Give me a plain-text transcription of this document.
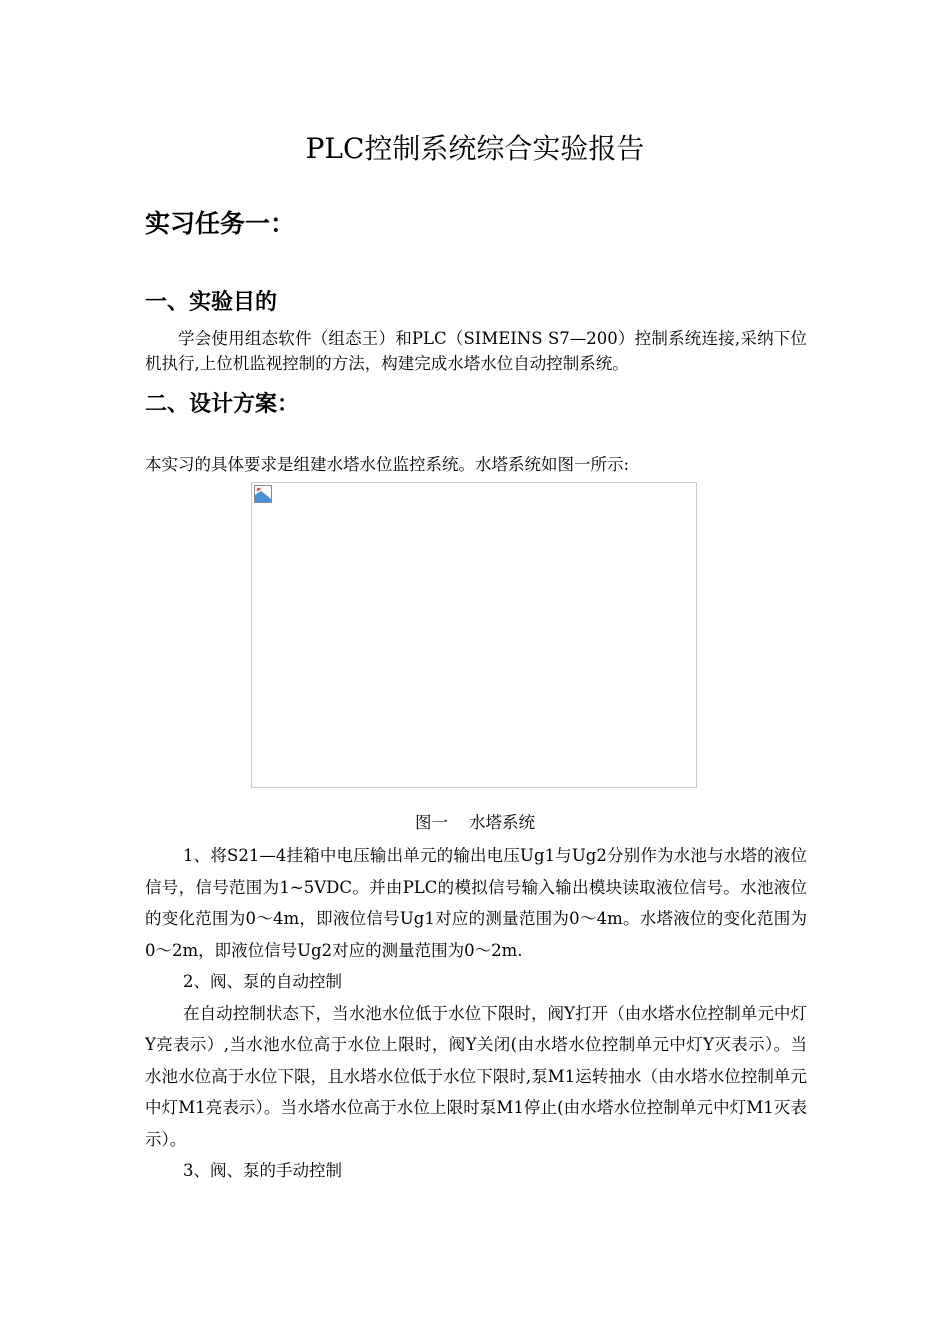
PLC控制系统综合实验报告
实习任务一：
一、实验目的
学会使用组态软件（组态王）和PLC（SIMEINS S7—200）控制系统连接,采纳下位机执行,上位机监视控制的方法，构建完成水塔水位自动控制系统。
二、设计方案：
本实习的具体要求是组建水塔水位监控系统。水塔系统如图一所示:
图一    水塔系统
1、将S21—4挂箱中电压输出单元的输出电压Ug1与Ug2分别作为水池与水塔的液位信号，信号范围为1~5VDC。并由PLC的模拟信号输入输出模块读取液位信号。水池液位的变化范围为0～4m，即液位信号Ug1对应的测量范围为0～4m。水塔液位的变化范围为0～2m，即液位信号Ug2对应的测量范围为0～2m.
2、阀、泵的自动控制
在自动控制状态下，当水池水位低于水位下限时，阀Y打开（由水塔水位控制单元中灯Y亮表示）,当水池水位高于水位上限时，阀Y关闭(由水塔水位控制单元中灯Y灭表示）。当水池水位高于水位下限，且水塔水位低于水位下限时,泵M1运转抽水（由水塔水位控制单元中灯M1亮表示）。当水塔水位高于水位上限时泵M1停止(由水塔水位控制单元中灯M1灭表示）。
3、阀、泵的手动控制
